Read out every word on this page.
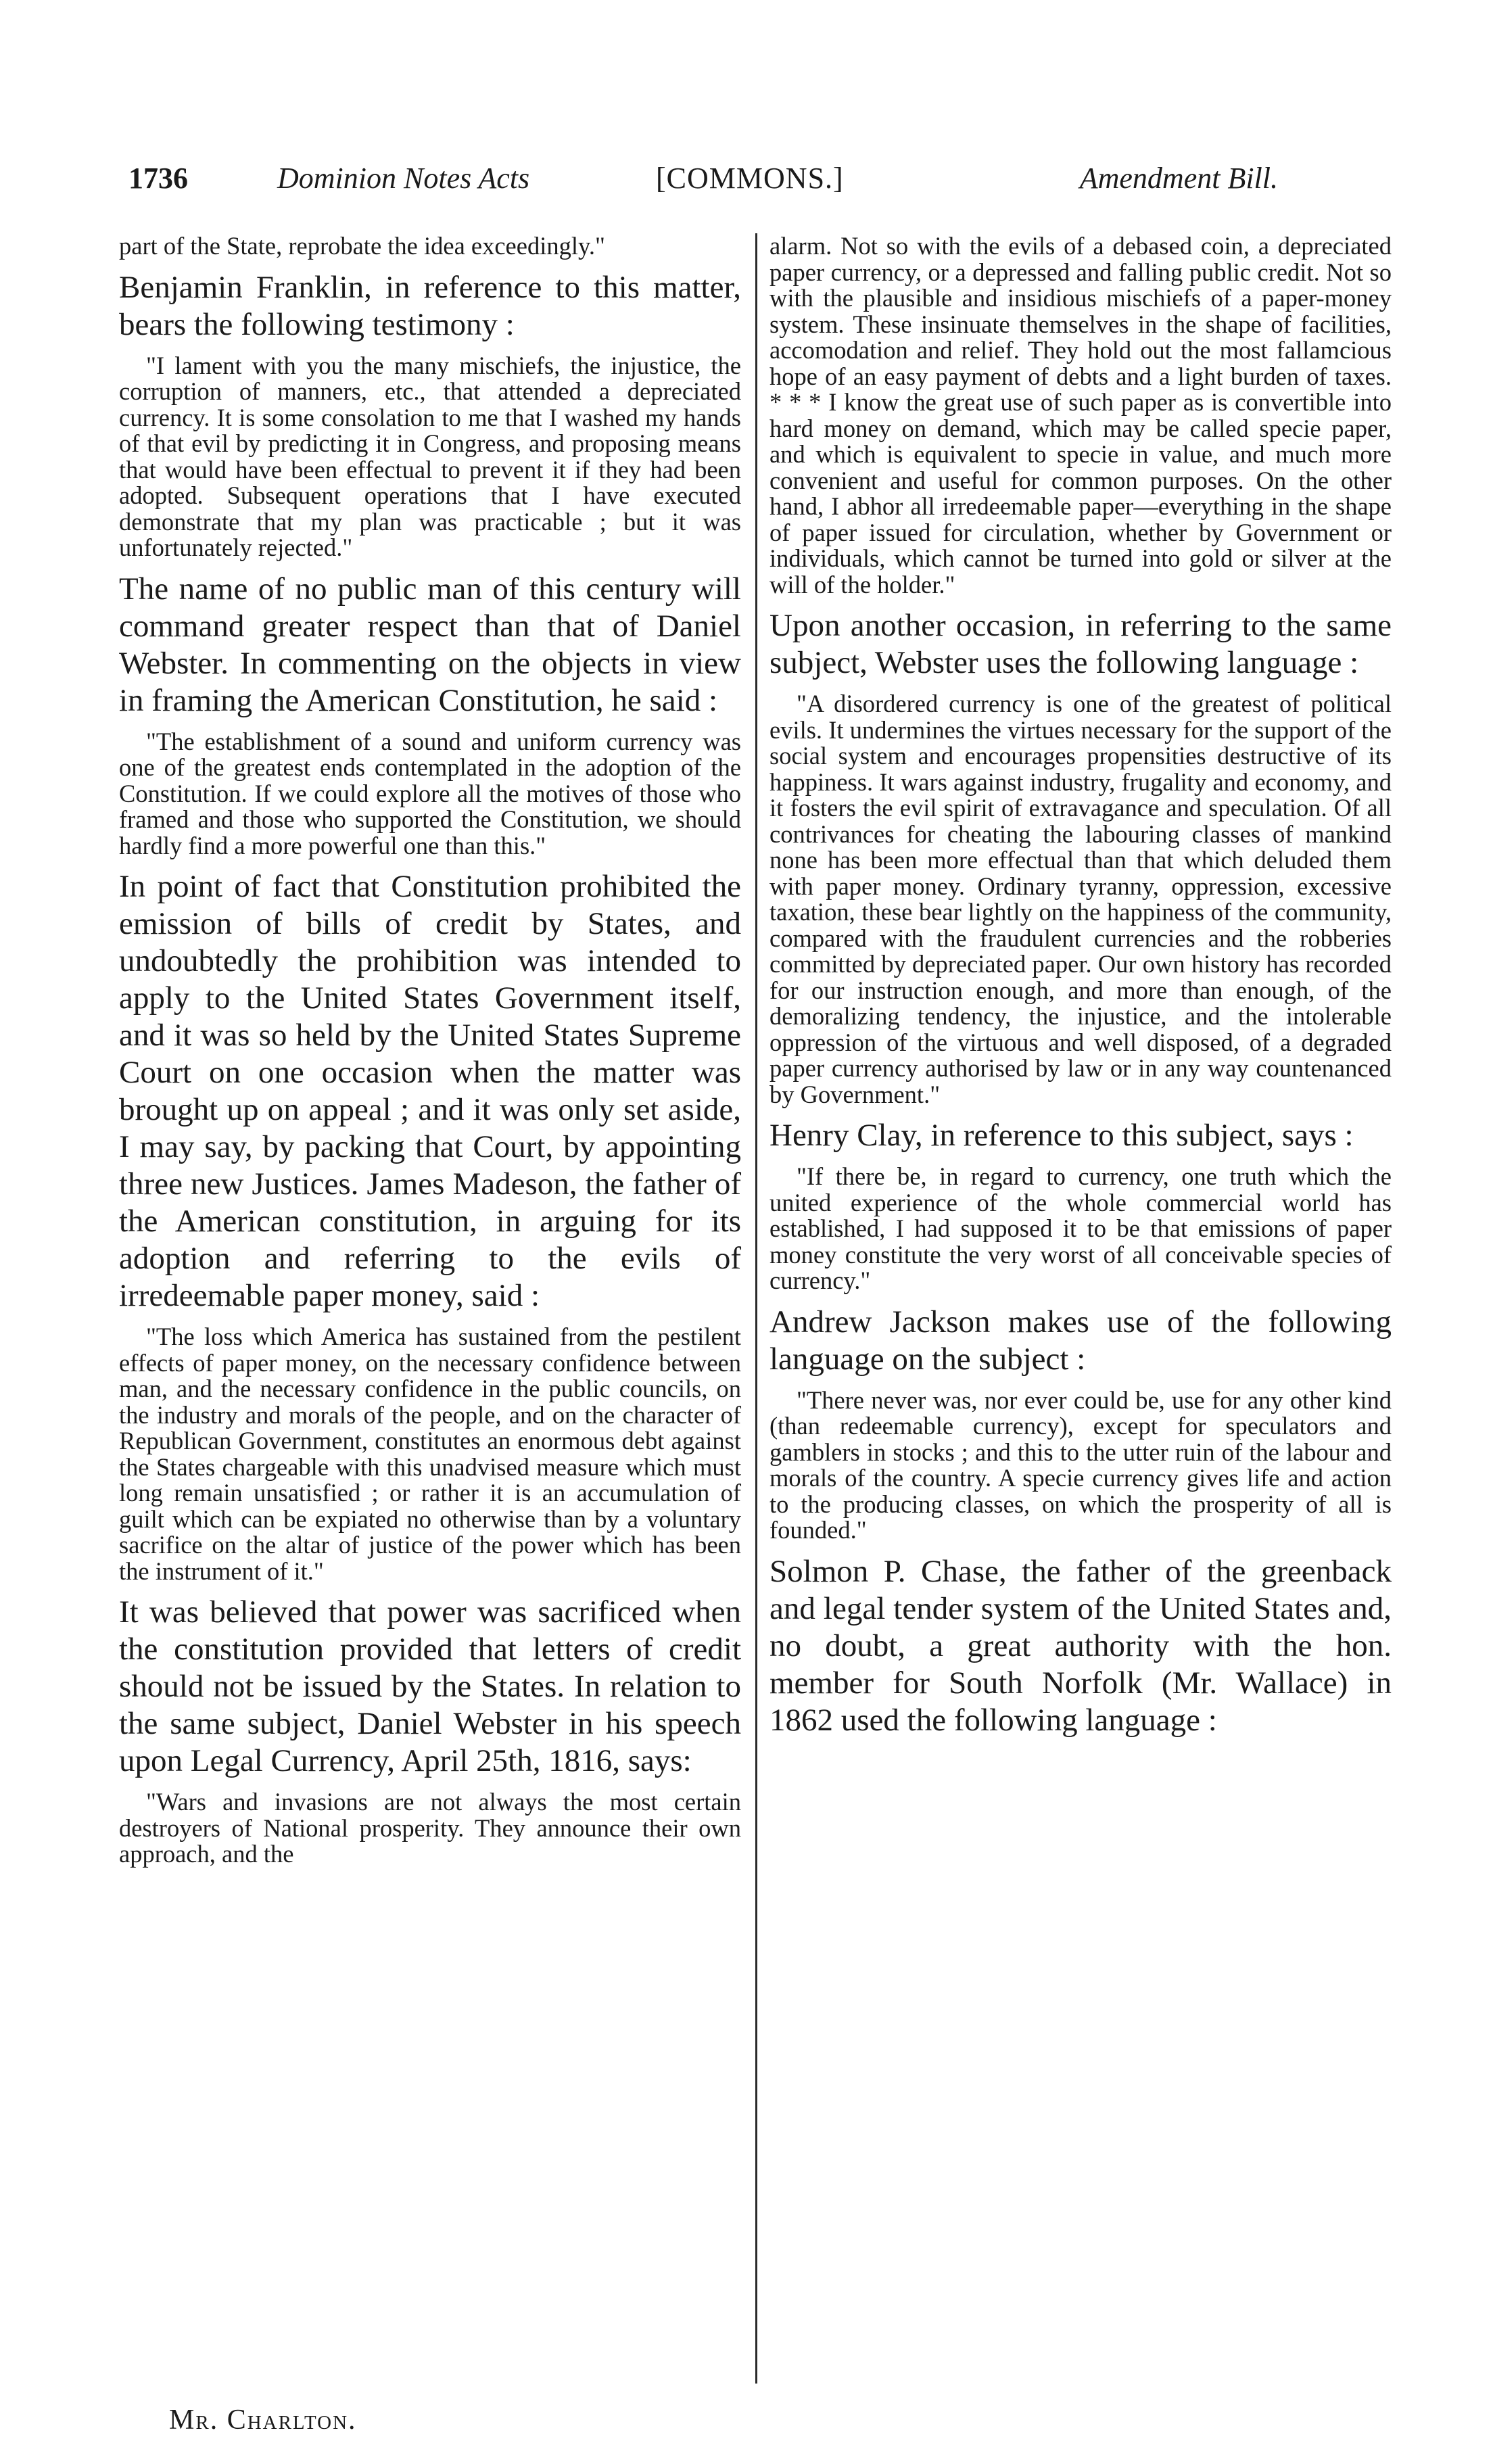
1736	Dominion Notes Acts	[COMMONS.]	Amendment Bill.

part of the State, reprobate the idea exceedingly."

Benjamin Franklin, in reference to this matter, bears the following testimony :

"I lament with you the many mischiefs, the injustice, the corruption of manners, etc., that attended a depreciated currency. It is some consolation to me that I washed my hands of that evil by predicting it in Congress, and proposing means that would have been effectual to prevent it if they had been adopted. Subsequent operations that I have executed demonstrate that my plan was practicable ; but it was unfortunately rejected."

The name of no public man of this century will command greater respect than that of Daniel Webster. In commenting on the objects in view in framing the American Constitution, he said :

"The establishment of a sound and uniform currency was one of the greatest ends contemplated in the adoption of the Constitution. If we could explore all the motives of those who framed and those who supported the Constitution, we should hardly find a more powerful one than this."

In point of fact that Constitution prohibited the emission of bills of credit by States, and undoubtedly the prohibition was intended to apply to the United States Government itself, and it was so held by the United States Supreme Court on one occasion when the matter was brought up on appeal ; and it was only set aside, I may say, by packing that Court, by appointing three new Justices. James Madeson, the father of the American constitution, in arguing for its adoption and referring to the evils of irredeemable paper money, said :

"The loss which America has sustained from the pestilent effects of paper money, on the necessary confidence between man, and the necessary confidence in the public councils, on the industry and morals of the people, and on the character of Republican Government, constitutes an enormous debt against the States chargeable with this unadvised measure which must long remain unsatisfied ; or rather it is an accumulation of guilt which can be expiated no otherwise than by a voluntary sacrifice on the altar of justice of the power which has been the instrument of it."

It was believed that power was sacrificed when the constitution provided that letters of credit should not be issued by the States. In relation to the same subject, Daniel Webster in his speech upon Legal Currency, April 25th, 1816, says:

"Wars and invasions are not always the most certain destroyers of National prosperity. They announce their own approach, and the

alarm. Not so with the evils of a debased coin, a depreciated paper currency, or a depressed and falling public credit. Not so with the plausible and insidious mischiefs of a paper-money system. These insinuate themselves in the shape of facilities, accomodation and relief. They hold out the most fallamcious hope of an easy payment of debts and a light burden of taxes. * * * I know the great use of such paper as is convertible into hard money on demand, which may be called specie paper, and which is equivalent to specie in value, and much more convenient and useful for common purposes. On the other hand, I abhor all irredeemable paper—everything in the shape of paper issued for circulation, whether by Government or individuals, which cannot be turned into gold or silver at the will of the holder."

Upon another occasion, in referring to the same subject, Webster uses the following language :

"A disordered currency is one of the greatest of political evils. It undermines the virtues necessary for the support of the social system and encourages propensities destructive of its happiness. It wars against industry, frugality and economy, and it fosters the evil spirit of extravagance and speculation. Of all contrivances for cheating the labouring classes of mankind none has been more effectual than that which deluded them with paper money. Ordinary tyranny, oppression, excessive taxation, these bear lightly on the happiness of the community, compared with the fraudulent currencies and the robberies committed by depreciated paper. Our own history has recorded for our instruction enough, and more than enough, of the demoralizing tendency, the injustice, and the intolerable oppression of the virtuous and well disposed, of a degraded paper currency authorised by law or in any way countenanced by Government."

Henry Clay, in reference to this subject, says :

"If there be, in regard to currency, one truth which the united experience of the whole commercial world has established, I had supposed it to be that emissions of paper money constitute the very worst of all conceivable species of currency."

Andrew Jackson makes use of the following language on the subject :

"There never was, nor ever could be, use for any other kind (than redeemable currency), except for speculators and gamblers in stocks ; and this to the utter ruin of the labour and morals of the country. A specie currency gives life and action to the producing classes, on which the prosperity of all is founded."

Solmon P. Chase, the father of the greenback and legal tender system of the United States and, no doubt, a great authority with the hon. member for South Norfolk (Mr. Wallace) in 1862 used the following language :

Mr. Charlton.
